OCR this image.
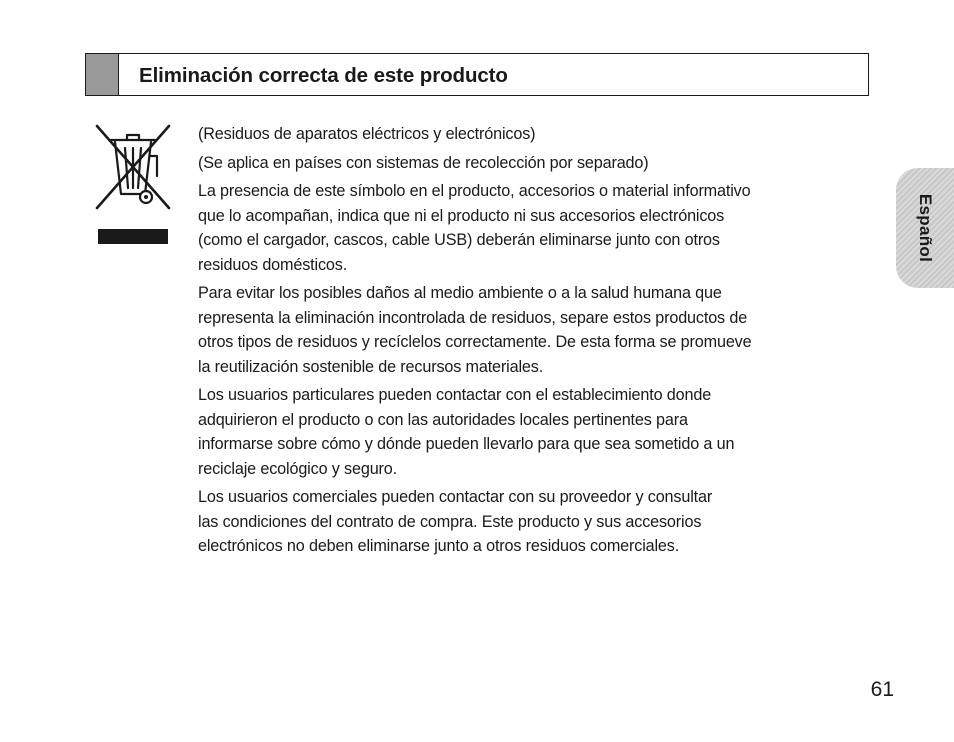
Eliminación correcta de este producto

(Residuos de aparatos eléctricos y electrónicos)

(Se aplica en países con sistemas de recolección por separado)

La presencia de este símbolo en el producto, accesorios o material informativo
que lo acompañan, indica que ni el producto ni sus accesorios electrónicos
(como el cargador, cascos, cable USB) deberán eliminarse junto con otros
residuos domésticos.

Para evitar los posibles daños al medio ambiente o a la salud humana que
representa la eliminación incontrolada de residuos, separe estos productos de
otros tipos de residuos y recíclelos correctamente. De esta forma se promueve
la reutilización sostenible de recursos materiales.

Los usuarios particulares pueden contactar con el establecimiento donde
adquirieron el producto o con las autoridades locales pertinentes para
informarse sobre cómo y dónde pueden llevarlo para que sea sometido a un
reciclaje ecológico y seguro.

Los usuarios comerciales pueden contactar con su proveedor y consultar
las condiciones del contrato de compra. Este producto y sus accesorios
electrónicos no deben eliminarse junto a otros residuos comerciales.

Español
61
